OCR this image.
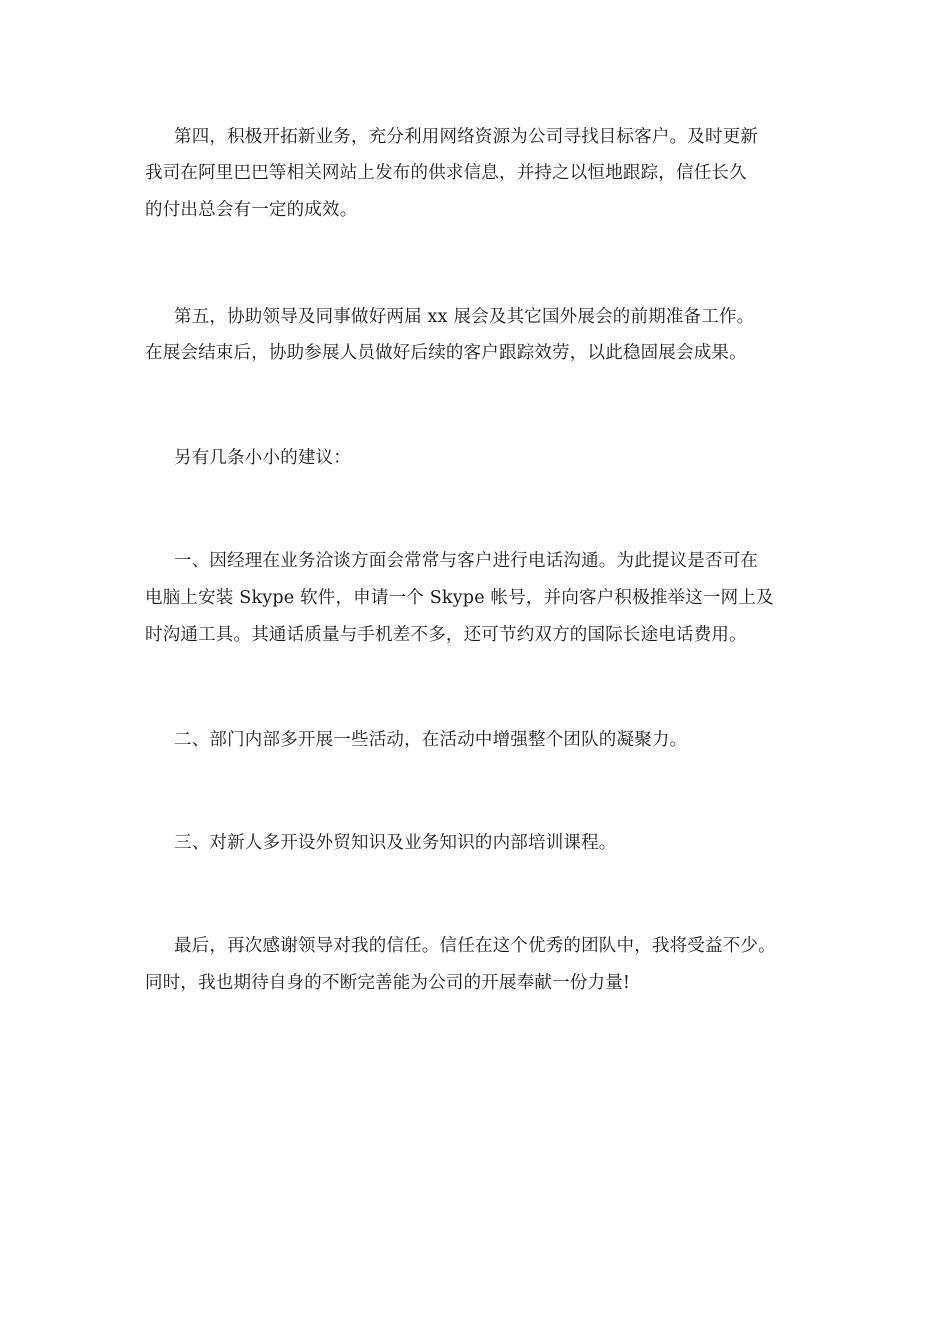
第四，积极开拓新业务，充分利用网络资源为公司寻找目标客户。及时更新
我司在阿里巴巴等相关网站上发布的供求信息，并持之以恒地跟踪，信任长久
的付出总会有一定的成效。
第五，协助领导及同事做好两届 xx 展会及其它国外展会的前期准备工作。
在展会结束后，协助参展人员做好后续的客户跟踪效劳，以此稳固展会成果。
另有几条小小的建议：
一、因经理在业务洽谈方面会常常与客户进行电话沟通。为此提议是否可在
电脑上安装 Skype 软件，申请一个 Skype 帐号，并向客户积极推举这一网上及
时沟通工具。其通话质量与手机差不多，还可节约双方的国际长途电话费用。
二、部门内部多开展一些活动，在活动中增强整个团队的凝聚力。
三、对新人多开设外贸知识及业务知识的内部培训课程。
最后，再次感谢领导对我的信任。信任在这个优秀的团队中，我将受益不少。
同时，我也期待自身的不断完善能为公司的开展奉献一份力量!
